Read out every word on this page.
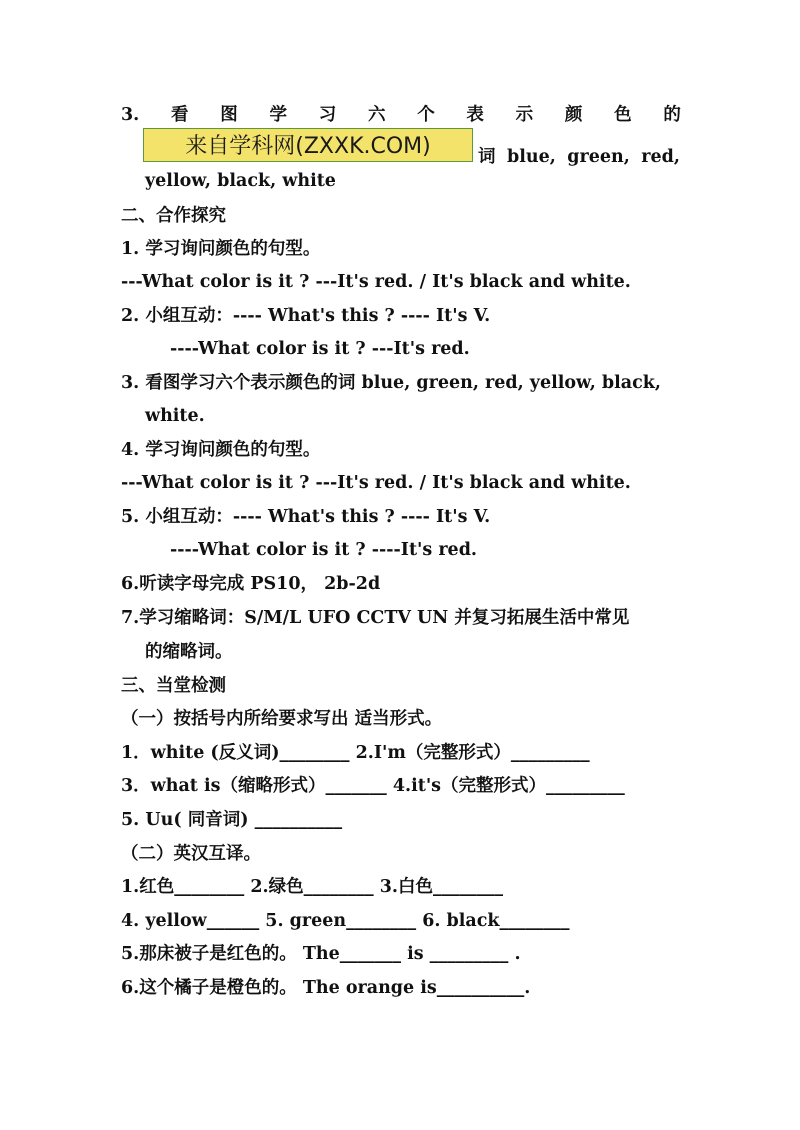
3. 看 图 学 习 六 个 表 示 颜 色 的
来自学科网(ZXXK.COM)	词 blue, green, red,
yellow, black, white
二、合作探究
1. 学习询问颜色的句型。
---What color is it ? ---It's red. / It's black and white.
2. 小组互动：---- What's this ? ---- It's V.
----What color is it ? ---It's red.
3. 看图学习六个表示颜色的词 blue, green, red, yellow, black,
white.
4. 学习询问颜色的句型。
---What color is it ? ---It's red. / It's black and white.
5. 小组互动：---- What's this ? ---- It's V.
----What color is it ? ----It's red.
6.听读字母完成 PS10， 2b-2d
7.学习缩略词：S/M/L UFO CCTV UN 并复习拓展生活中常见
的缩略词。
三、当堂检测
（一）按括号内所给要求写出 适当形式。
1．white (反义词)________ 2.I'm（完整形式）_________
3．what is（缩略形式）_______ 4.it's（完整形式）_________
5. Uu( 同音词) __________
（二）英汉互译。
1.红色________ 2.绿色________ 3.白色________
4. yellow______ 5. green________ 6. black________
5.那床被子是红色的。 The_______ is _________ .
6.这个橘子是橙色的。 The orange is__________.
